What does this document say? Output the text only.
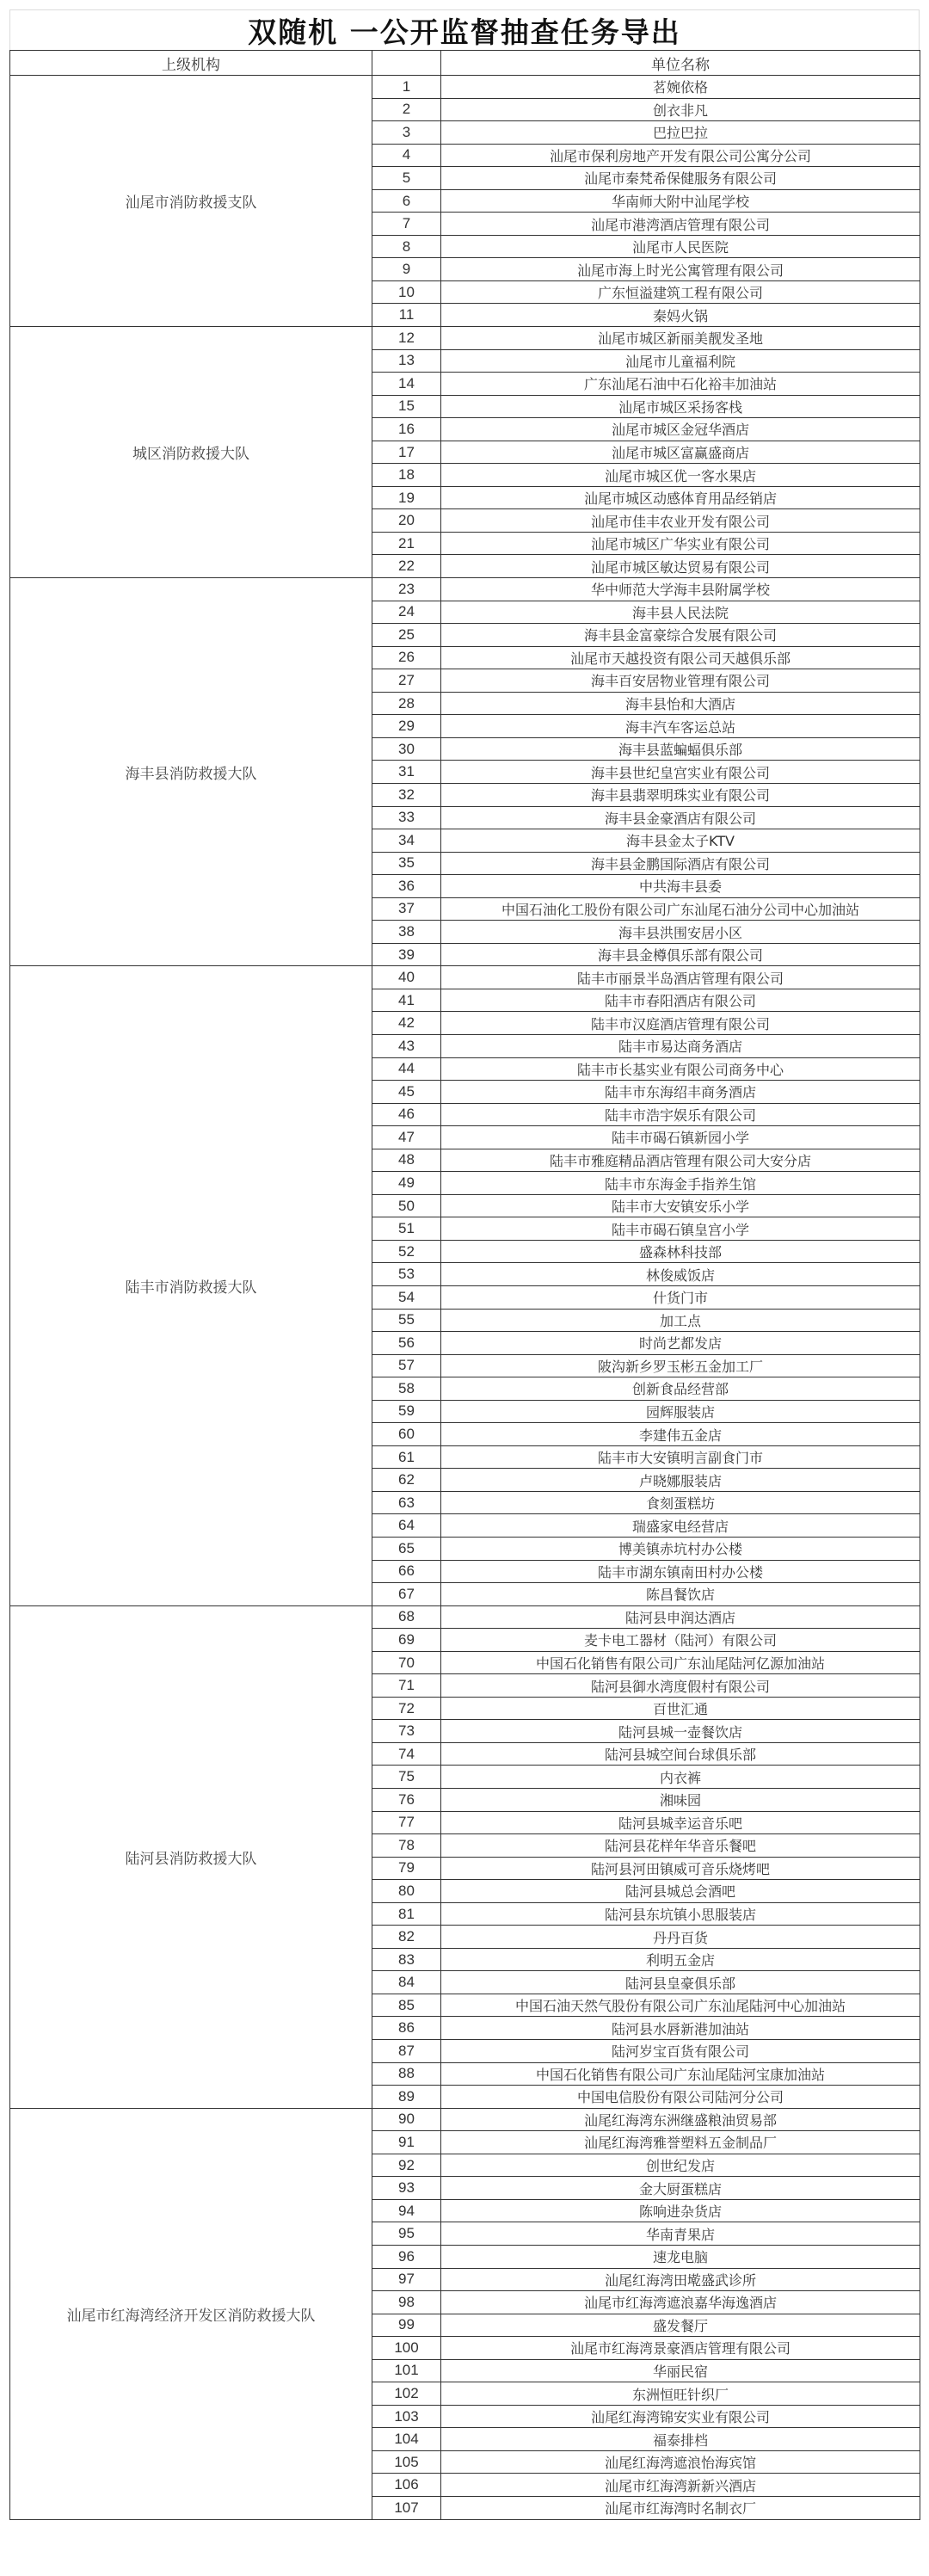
双随机 一公开监督抽查任务导出
上级机构		单位名称
汕尾市消防救援支队	1	茗婉依格
	2	创衣非凡
	3	巴拉巴拉
	4	汕尾市保利房地产开发有限公司公寓分公司
	5	汕尾市秦梵希保健服务有限公司
	6	华南师大附中汕尾学校
	7	汕尾市港湾酒店管理有限公司
	8	汕尾市人民医院
	9	汕尾市海上时光公寓管理有限公司
	10	广东恒溢建筑工程有限公司
	11	秦妈火锅
城区消防救援大队	12	汕尾市城区新丽美靓发圣地
	13	汕尾市儿童福利院
	14	广东汕尾石油中石化裕丰加油站
	15	汕尾市城区采扬客栈
	16	汕尾市城区金冠华酒店
	17	汕尾市城区富赢盛商店
	18	汕尾市城区优一客水果店
	19	汕尾市城区动感体育用品经销店
	20	汕尾市佳丰农业开发有限公司
	21	汕尾市城区广华实业有限公司
	22	汕尾市城区敏达贸易有限公司
海丰县消防救援大队	23	华中师范大学海丰县附属学校
	24	海丰县人民法院
	25	海丰县金富豪综合发展有限公司
	26	汕尾市天越投资有限公司天越俱乐部
	27	海丰百安居物业管理有限公司
	28	海丰县怡和大酒店
	29	海丰汽车客运总站
	30	海丰县蓝蝙蝠俱乐部
	31	海丰县世纪皇宫实业有限公司
	32	海丰县翡翠明珠实业有限公司
	33	海丰县金豪酒店有限公司
	34	海丰县金太子KTV
	35	海丰县金鹏国际酒店有限公司
	36	中共海丰县委
	37	中国石油化工股份有限公司广东汕尾石油分公司中心加油站
	38	海丰县洪围安居小区
	39	海丰县金樽俱乐部有限公司
陆丰市消防救援大队	40	陆丰市丽景半岛酒店管理有限公司
	41	陆丰市春阳酒店有限公司
	42	陆丰市汉庭酒店管理有限公司
	43	陆丰市易达商务酒店
	44	陆丰市长基实业有限公司商务中心
	45	陆丰市东海绍丰商务酒店
	46	陆丰市浩宇娱乐有限公司
	47	陆丰市碣石镇新园小学
	48	陆丰市雅庭精品酒店管理有限公司大安分店
	49	陆丰市东海金手指养生馆
	50	陆丰市大安镇安乐小学
	51	陆丰市碣石镇皇宫小学
	52	盛森林科技部
	53	林俊威饭店
	54	什货门市
	55	加工点
	56	时尚艺都发店
	57	陂沟新乡罗玉彬五金加工厂
	58	创新食品经营部
	59	园辉服装店
	60	李建伟五金店
	61	陆丰市大安镇明言副食门市
	62	卢晓娜服装店
	63	食刻蛋糕坊
	64	瑞盛家电经营店
	65	博美镇赤坑村办公楼
	66	陆丰市湖东镇南田村办公楼
	67	陈昌餐饮店
陆河县消防救援大队	68	陆河县申润达酒店
	69	麦卡电工器材（陆河）有限公司
	70	中国石化销售有限公司广东汕尾陆河亿源加油站
	71	陆河县御水湾度假村有限公司
	72	百世汇通
	73	陆河县城一壶餐饮店
	74	陆河县城空间台球俱乐部
	75	内衣裤
	76	湘味园
	77	陆河县城幸运音乐吧
	78	陆河县花样年华音乐餐吧
	79	陆河县河田镇威可音乐烧烤吧
	80	陆河县城总会酒吧
	81	陆河县东坑镇小思服装店
	82	丹丹百货
	83	利明五金店
	84	陆河县皇豪俱乐部
	85	中国石油天然气股份有限公司广东汕尾陆河中心加油站
	86	陆河县水唇新港加油站
	87	陆河岁宝百货有限公司
	88	中国石化销售有限公司广东汕尾陆河宝康加油站
	89	中国电信股份有限公司陆河分公司
汕尾市红海湾经济开发区消防救援大队	90	汕尾红海湾东洲继盛粮油贸易部
	91	汕尾红海湾雅誉塑料五金制品厂
	92	创世纪发店
	93	金大厨蛋糕店
	94	陈响进杂货店
	95	华南青果店
	96	速龙电脑
	97	汕尾红海湾田墘盛武诊所
	98	汕尾市红海湾遮浪嘉华海逸酒店
	99	盛发餐厅
	100	汕尾市红海湾景豪酒店管理有限公司
	101	华丽民宿
	102	东洲恒旺针织厂
	103	汕尾红海湾锦安实业有限公司
	104	福泰排档
	105	汕尾红海湾遮浪怡海宾馆
	106	汕尾市红海湾新新兴酒店
	107	汕尾市红海湾时名制衣厂
